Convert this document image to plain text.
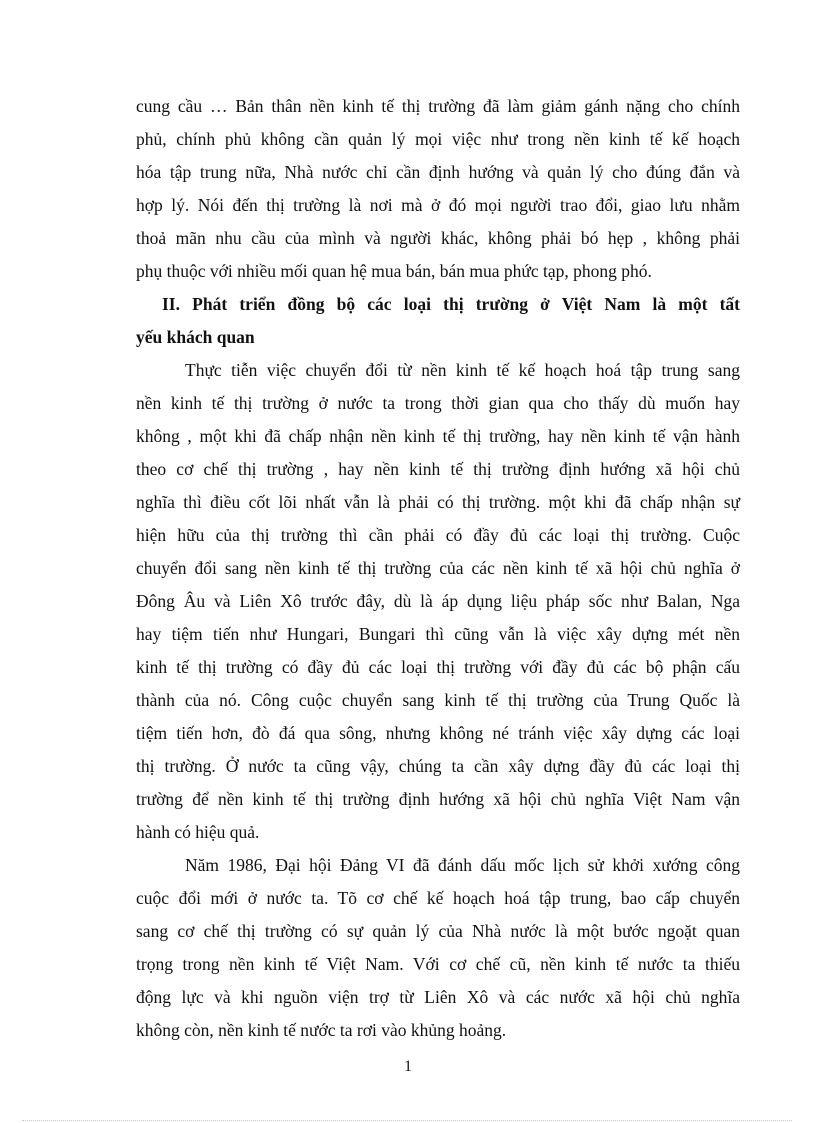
cung cầu … Bản thân nền kinh tế thị trường đã làm giảm gánh nặng cho chính
phủ, chính phủ không cần quản lý mọi việc như trong nền kinh tế kế hoạch
hóa tập trung nữa, Nhà nước chỉ cần định hướng và quản lý cho đúng đắn và
hợp lý. Nói đến thị trường là nơi mà ở đó mọi người trao đổi, giao lưu nhằm
thoả mãn nhu cầu của mình và người khác, không phải bó hẹp , không phải
phụ thuộc với nhiều mối quan hệ mua bán, bán mua phức tạp, phong phó.
II. Phát triển đồng bộ các loại thị trường ở Việt Nam là một tất
yếu khách quan
Thực tiễn việc chuyển đổi từ nền kinh tế kế hoạch hoá tập trung sang
nền kinh tế thị trường ở nước ta trong thời gian qua cho thấy dù muốn hay
không , một khi đã chấp nhận nền kinh tế thị trường, hay nền kinh tế vận hành
theo cơ chế thị trường , hay nền kinh tế thị trường định hướng xã hội chủ
nghĩa thì điều cốt lõi nhất vẫn là phải có thị trường. một khi đã chấp nhận sự
hiện hữu của thị trường thì cần phải có đầy đủ các loại thị trường. Cuộc
chuyển đổi sang nền kinh tế thị trường của các nền kinh tế xã hội chủ nghĩa ở
Đông Âu và Liên Xô trước đây, dù là áp dụng liệu pháp sốc như Balan, Nga
hay tiệm tiến như Hungari, Bungari thì cũng vẫn là việc xây dựng mét nền
kinh tế thị trường có đầy đủ các loại thị trường với đầy đủ các bộ phận cấu
thành của nó. Công cuộc chuyển sang kinh tế thị trường của Trung Quốc là
tiệm tiến hơn, đò đá qua sông, nhưng không né tránh việc xây dựng các loại
thị trường. Ở nước ta cũng vậy, chúng ta cần xây dựng đầy đủ các loại thị
trường để nền kinh tế thị trường định hướng xã hội chủ nghĩa Việt Nam vận
hành có hiệu quả.
Năm 1986, Đại hội Đảng VI đã đánh dấu mốc lịch sử khởi xướng công
cuộc đổi mới ở nước ta. Tõ cơ chế kế hoạch hoá tập trung, bao cấp chuyển
sang cơ chế thị trường có sự quản lý của Nhà nước là một bước ngoặt quan
trọng trong nền kinh tế Việt Nam. Với cơ chế cũ, nền kinh tế nước ta thiếu
động lực và khi nguồn viện trợ từ Liên Xô và các nước xã hội chủ nghĩa
không còn, nền kinh tế nước ta rơi vào khủng hoảng.
1
